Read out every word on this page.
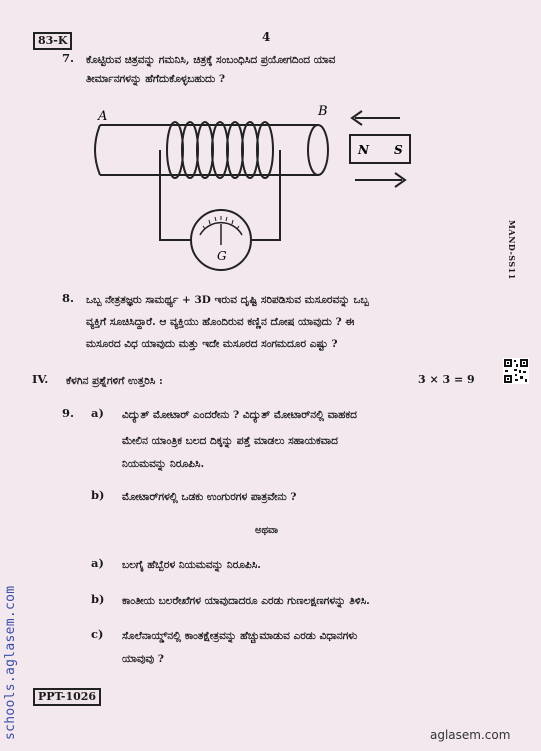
83-K	4
7. ಕೊಟ್ಟಿರುವ ಚಿತ್ರವನ್ನು ಗಮನಿಸಿ, ಚಿತ್ರಕ್ಕೆ ಸಂಬಂಧಿಸಿದ ಪ್ರಯೋಗದಿಂದ ಯಾವ
ತೀರ್ಮಾನಗಳನ್ನು ಹೆಗೆದುಕೊಳ್ಳಬಹುದು ?
A	B
N S
G
8. ಒಬ್ಬ ನೇತ್ರತಜ್ಞರು ಸಾಮರ್ಥ್ಯ + 3D ಇರುವ ದೃಷ್ಟಿ ಸರಿಪಡಿಸುವ ಮಸೂರವನ್ನು ಒಬ್ಬ
ವ್ಯಕ್ತಿಗೆ ಸೂಚಿಸಿದ್ದಾರೆ. ಆ ವ್ಯಕ್ತಿಯು ಹೊಂದಿರುವ ಕಣ್ಣಿನ ದೋಷ ಯಾವುದು ? ಈ
ಮಸೂರದ ವಿಧ ಯಾವುದು ಮತ್ತು ಇದೇ ಮಸೂರದ ಸಂಗಮದೂರ ಎಷ್ಟು ?
IV. ಕೆಳಗಿನ ಪ್ರಶ್ನೆಗಳಿಗೆ ಉತ್ತರಿಸಿ :	3 × 3 = 9
9. a) ವಿದ್ಯುತ್ ಮೋಟಾರ್ ಎಂದರೇನು ? ವಿದ್ಯುತ್ ಮೋಟಾರ್‌ನಲ್ಲಿ ವಾಹಕದ
ಮೇಲಿನ ಯಾಂತ್ರಿಕ ಬಲದ ದಿಕ್ಕನ್ನು ಪತ್ತೆ ಮಾಡಲು ಸಹಾಯಕವಾದ
ನಿಯಮವನ್ನು ನಿರೂಪಿಸಿ.
b) ಮೋಟಾರ್‌ಗಳಲ್ಲಿ ಒಡಕು ಉಂಗುರಗಳ ಪಾತ್ರವೇನು ?
ಅಥವಾ
a) ಬಲಗೈ ಹೆಬ್ಬೆರಳ ನಿಯಮವನ್ನು ನಿರೂಪಿಸಿ.
b) ಕಾಂತೀಯ ಬಲರೇಖೆಗಳ ಯಾವುದಾದರೂ ಎರಡು ಗುಣಲಕ್ಷಣಗಳನ್ನು ತಿಳಿಸಿ.
c) ಸೊಲೆನಾಯ್ಡ್‌ನಲ್ಲಿ ಕಾಂತಕ್ಷೇತ್ರವನ್ನು ಹೆಚ್ಚುಮಾಡುವ ಎರಡು ವಿಧಾನಗಳು
ಯಾವುವು ?
MAND-SS11
PPT-1026
schools.aglasem.com	aglasem.com
